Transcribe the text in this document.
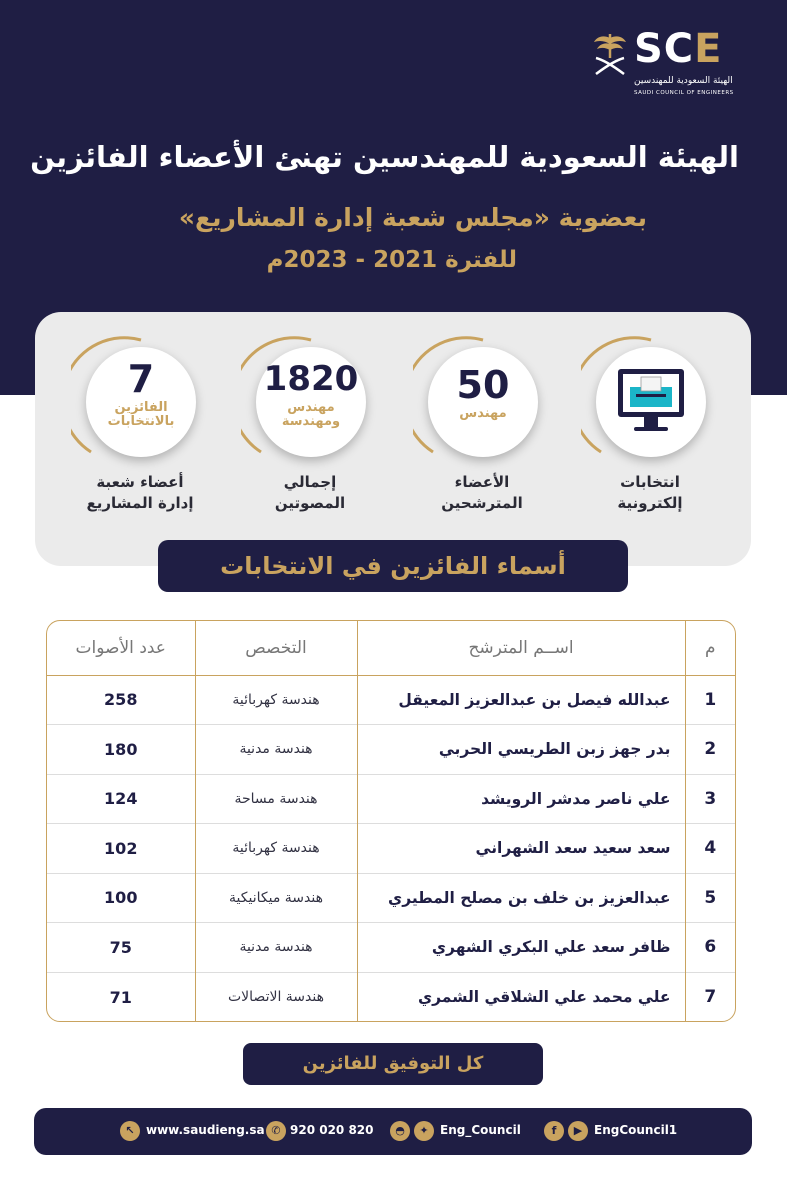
SCE
الهيئة السعودية للمهندسين
SAUDI COUNCIL OF ENGINEERS
الهيئة السعودية للمهندسين تهنئ الأعضاء الفائزين
بعضوية «مجلس شعبة إدارة المشاريع»
للفترة 2021 - 2023م
7
الفائزين بالانتخابات
أعضاء شعبة
إدارة المشاريع
1820
مهندس ومهندسة
إجمالي
المصوتين
50
مهندس
الأعضاء
المترشحين
انتخابات
إلكترونية
أسماء الفائزين في الانتخابات
م	اســم المترشح	التخصص	عدد الأصوات
1	عبدالله فيصل بن عبدالعزيز المعيقل	هندسة كهربائية	258
2	بدر جهز زبن الطريسي الحربي	هندسة مدنية	180
3	علي ناصر مدشر الرويشد	هندسة مساحة	124
4	سعد سعيد سعد الشهراني	هندسة كهربائية	102
5	عبدالعزيز بن خلف بن مصلح المطيري	هندسة ميكانيكية	100
6	ظافر سعد علي البكري الشهري	هندسة مدنية	75
7	علي محمد علي الشلاقي الشمري	هندسة الاتصالات	71
كل التوفيق للفائزين
↖ www.saudieng.sa ✆ 920 020 820	◓	✦ Eng_Council	f	▶ EngCouncil1
